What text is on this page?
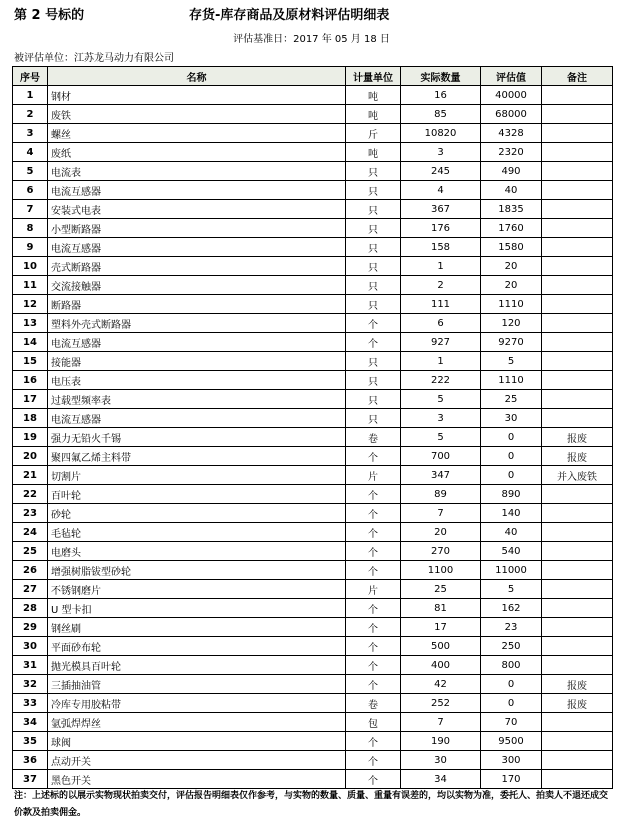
第 2 号标的	存货-库存商品及原材料评估明细表
评估基准日：2017 年 05 月 18 日
被评估单位：江苏龙马动力有限公司
序号	名称	计量单位	实际数量	评估值	备注
1	钢材	吨	16	40000	
2	废铁	吨	85	68000	
3	螺丝	斤	10820	4328	
4	废纸	吨	3	2320	
5	电流表	只	245	490	
6	电流互感器	只	4	40	
7	安装式电表	只	367	1835	
8	小型断路器	只	176	1760	
9	电流互感器	只	158	1580	
10	壳式断路器	只	1	20	
11	交流接触器	只	2	20	
12	断路器	只	111	1110	
13	塑料外壳式断路器	个	6	120	
14	电流互感器	个	927	9270	
15	接能器	只	1	5	
16	电压表	只	222	1110	
17	过载型频率表	只	5	25	
18	电流互感器	只	3	30	
19	强力无铅火千锡	卷	5	0	报废
20	聚四氟乙烯主料带	个	700	0	报废
21	切割片	片	347	0	并入废铁
22	百叶轮	个	89	890	
23	砂轮	个	7	140	
24	毛毡轮	个	20	40	
25	电磨头	个	270	540	
26	增强树脂钹型砂轮	个	1100	11000	
27	不锈钢磨片	片	25	5	
28	U 型卡扣	个	81	162	
29	钢丝刷	个	17	23	
30	平面砂布轮	个	500	250	
31	抛光模具百叶轮	个	400	800	
32	三插抽油管	个	42	0	报废
33	冷库专用胶粘带	卷	252	0	报废
34	氩弧焊焊丝	包	7	70	
35	球阀	个	190	9500	
36	点动开关	个	30	300	
37	黑色开关	个	34	170	
注：上述标的以展示实物现状拍卖交付，评估报告明细表仅作参考，与实物的数量、质量、重量有误差的，均以实物为准，委托人、拍卖人不退还成交价款及拍卖佣金。
